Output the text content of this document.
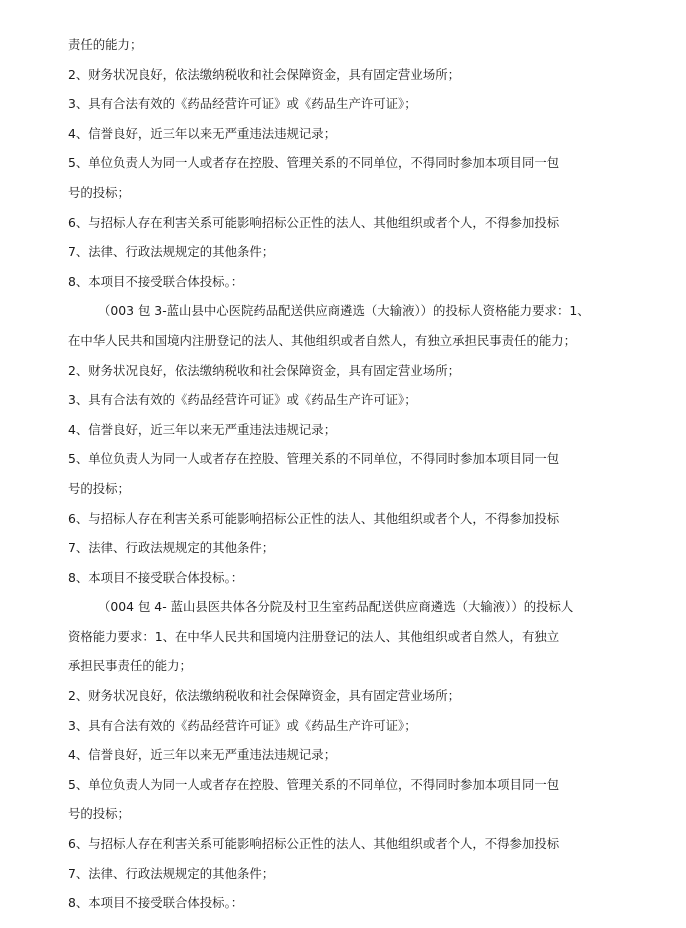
责任的能力；
2、财务状况良好，依法缴纳税收和社会保障资金，具有固定营业场所；
3、具有合法有效的《药品经营许可证》或《药品生产许可证》；
4、信誉良好，近三年以来无严重违法违规记录；
5、单位负责人为同一人或者存在控股、管理关系的不同单位，不得同时参加本项目同一包
号的投标；
6、与招标人存在利害关系可能影响招标公正性的法人、其他组织或者个人，不得参加投标
7、法律、行政法规规定的其他条件；
8、本项目不接受联合体投标。：
（003 包 3-蓝山县中心医院药品配送供应商遴选（大输液））的投标人资格能力要求：1、
在中华人民共和国境内注册登记的法人、其他组织或者自然人，有独立承担民事责任的能力；
2、财务状况良好，依法缴纳税收和社会保障资金，具有固定营业场所；
3、具有合法有效的《药品经营许可证》或《药品生产许可证》；
4、信誉良好，近三年以来无严重违法违规记录；
5、单位负责人为同一人或者存在控股、管理关系的不同单位，不得同时参加本项目同一包
号的投标；
6、与招标人存在利害关系可能影响招标公正性的法人、其他组织或者个人，不得参加投标
7、法律、行政法规规定的其他条件；
8、本项目不接受联合体投标。：
（004 包 4- 蓝山县医共体各分院及村卫生室药品配送供应商遴选（大输液））的投标人
资格能力要求：1、在中华人民共和国境内注册登记的法人、其他组织或者自然人，有独立
承担民事责任的能力；
2、财务状况良好，依法缴纳税收和社会保障资金，具有固定营业场所；
3、具有合法有效的《药品经营许可证》或《药品生产许可证》；
4、信誉良好，近三年以来无严重违法违规记录；
5、单位负责人为同一人或者存在控股、管理关系的不同单位，不得同时参加本项目同一包
号的投标；
6、与招标人存在利害关系可能影响招标公正性的法人、其他组织或者个人，不得参加投标
7、法律、行政法规规定的其他条件；
8、本项目不接受联合体投标。：
